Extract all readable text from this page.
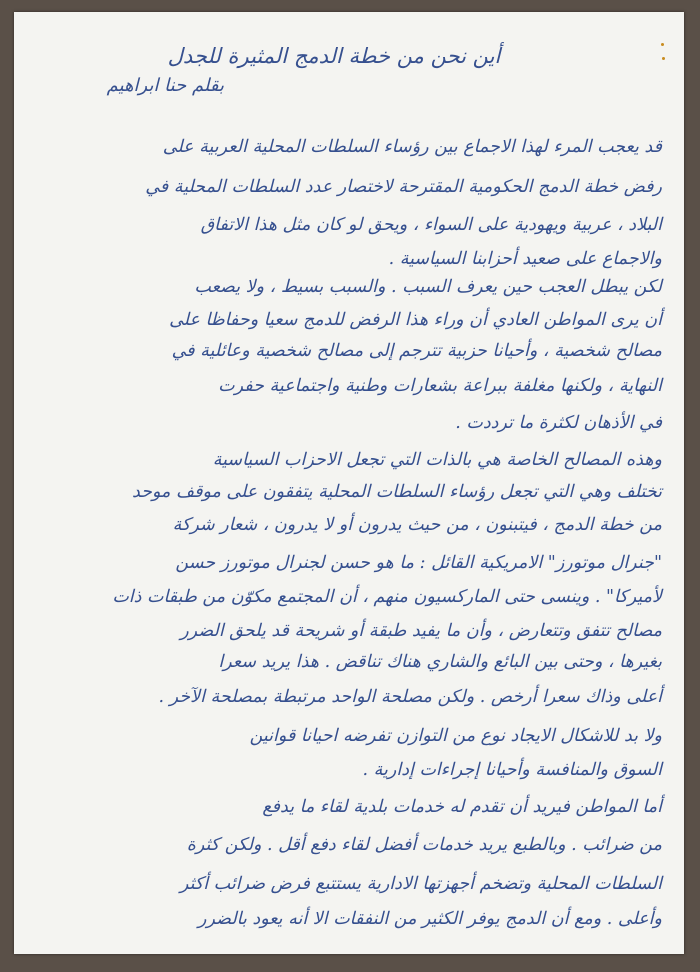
أين نحن من خطة الدمج المثيرة للجدل
بقلم حنا ابراهيم
قد يعجب المرء لهذا الاجماع بين رؤساء السلطات المحلية العربية على
رفض خطة الدمج الحكومية المقترحة لاختصار عدد السلطات المحلية في
البلاد ، عربية ويهودية على السواء ، ويحق لو كان مثل هذا الاتفاق
والاجماع على صعيد أحزابنا السياسية .
لكن يبطل العجب حين يعرف السبب . والسبب بسيط ، ولا يصعب
أن يرى المواطن العادي أن وراء هذا الرفض للدمج سعيا وحفاظا على
مصالح شخصية ، وأحيانا حزبية تترجم إلى مصالح شخصية وعائلية في
النهاية ، ولكنها مغلفة ببراعة بشعارات وطنية واجتماعية حفرت
في الأذهان لكثرة ما ترددت .
وهذه المصالح الخاصة هي بالذات التي تجعل الاحزاب السياسية
تختلف وهي التي تجعل رؤساء السلطات المحلية يتفقون على موقف موحد
من خطة الدمج ، فيتبنون ، من حيث يدرون أو لا يدرون ، شعار شركة
"جنرال موتورز" الامريكية القائل : ما هو حسن لجنرال موتورز حسن
لأميركا" . وينسى حتى الماركسيون منهم ، أن المجتمع مكوّن من طبقات ذات
مصالح تتفق وتتعارض ، وأن ما يفيد طبقة أو شريحة قد يلحق الضرر
بغيرها ، وحتى بين البائع والشاري هناك تناقض . هذا يريد سعرا
أعلى وذاك سعرا أرخص . ولكن مصلحة الواحد مرتبطة بمصلحة الآخر .
ولا بد للاشكال الايجاد نوع من التوازن تفرضه احيانا قوانين
السوق والمنافسة وأحيانا إجراءات إدارية .
أما المواطن فيريد أن تقدم له خدمات بلدية لقاء ما يدفع
من ضرائب . وبالطبع يريد خدمات أفضل لقاء دفع أقل . ولكن كثرة
السلطات المحلية وتضخم أجهزتها الادارية يستتبع فرض ضرائب أكثر
وأعلى . ومع أن الدمج يوفر الكثير من النفقات الا أنه يعود بالضرر
